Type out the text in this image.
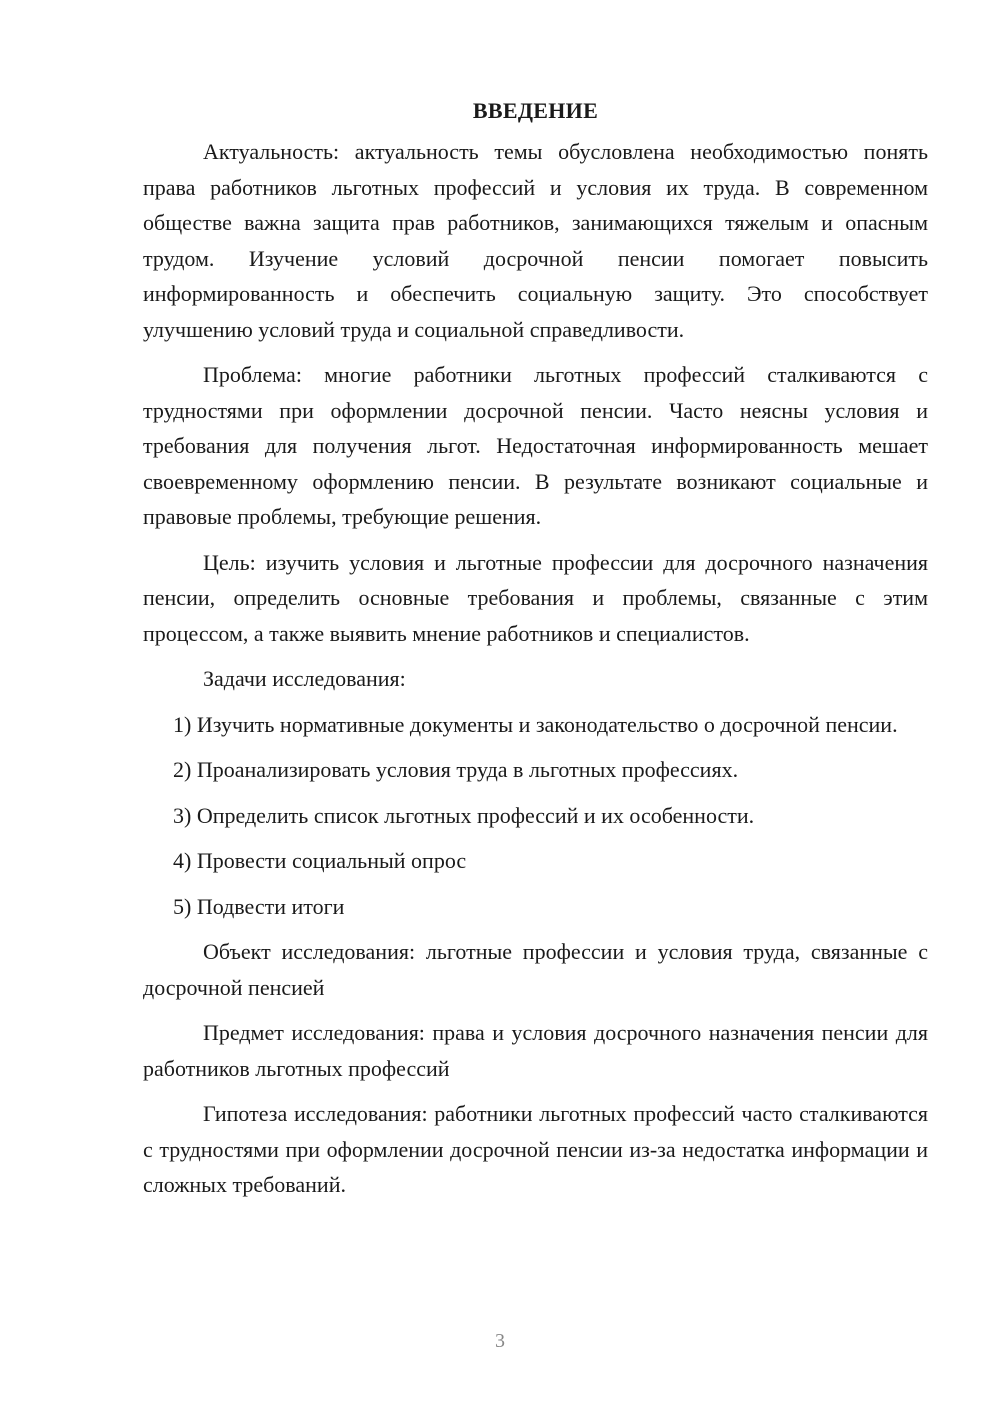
ВВЕДЕНИЕ

Актуальность: актуальность темы обусловлена необходимостью понять права работников льготных профессий и условия их труда. В современном обществе важна защита прав работников, занимающихся тяжелым и опасным трудом. Изучение условий досрочной пенсии помогает повысить информированность и обеспечить социальную защиту. Это способствует улучшению условий труда и социальной справедливости.

Проблема: многие работники льготных профессий сталкиваются с трудностями при оформлении досрочной пенсии. Часто неясны условия и требования для получения льгот. Недостаточная информированность мешает своевременному оформлению пенсии. В результате возникают социальные и правовые проблемы, требующие решения.

Цель: изучить условия и льготные профессии для досрочного назначения пенсии, определить основные требования и проблемы, связанные с этим процессом, а также выявить мнение работников и специалистов.

Задачи исследования:

1) Изучить нормативные документы и законодательство о досрочной пенсии.
2) Проанализировать условия труда в льготных профессиях.
3) Определить список льготных профессий и их особенности.
4) Провести социальный опрос
5) Подвести итоги

Объект исследования: льготные профессии и условия труда, связанные с досрочной пенсией

Предмет исследования: права и условия досрочного назначения пенсии для работников льготных профессий

Гипотеза исследования: работники льготных профессий часто сталкиваются с трудностями при оформлении досрочной пенсии из-за недостатка информации и сложных требований.

3
